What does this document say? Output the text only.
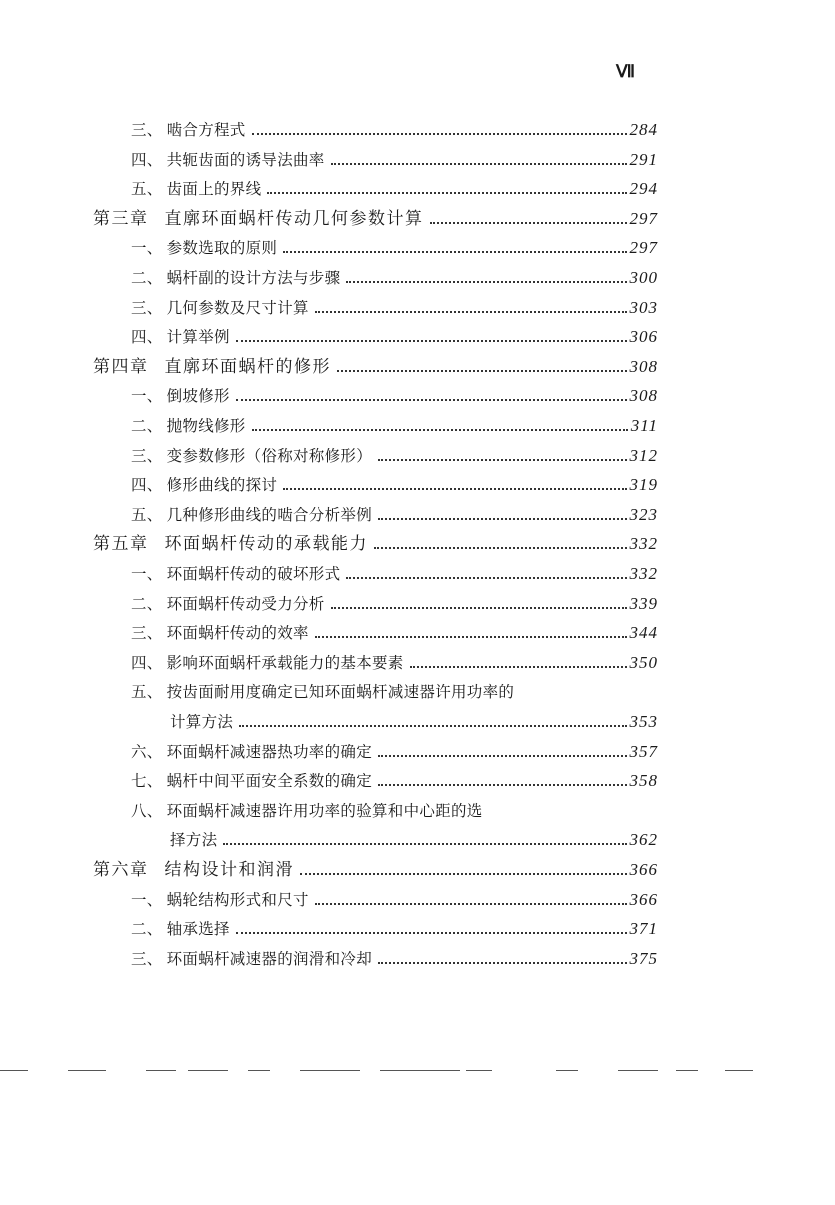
Ⅶ
三、 啮合方程式	284
四、 共轭齿面的诱导法曲率	291
五、 齿面上的界线	294
第三章 直廓环面蜗杆传动几何参数计算	297
一、 参数选取的原则	297
二、 蜗杆副的设计方法与步骤	300
三、 几何参数及尺寸计算	303
四、 计算举例	306
第四章 直廓环面蜗杆的修形	308
一、 倒坡修形	308
二、 抛物线修形	311
三、 变参数修形（俗称对称修形）	312
四、 修形曲线的探讨	319
五、 几种修形曲线的啮合分析举例	323
第五章 环面蜗杆传动的承载能力	332
一、 环面蜗杆传动的破坏形式	332
二、 环面蜗杆传动受力分析	339
三、 环面蜗杆传动的效率	344
四、 影响环面蜗杆承载能力的基本要素	350
五、 按齿面耐用度确定已知环面蜗杆减速器许用功率的
计算方法	353
六、 环面蜗杆减速器热功率的确定	357
七、 蜗杆中间平面安全系数的确定	358
八、 环面蜗杆减速器许用功率的验算和中心距的选
择方法	362
第六章 结构设计和润滑	366
一、 蜗轮结构形式和尺寸	366
二、 轴承选择	371
三、 环面蜗杆减速器的润滑和冷却	375
